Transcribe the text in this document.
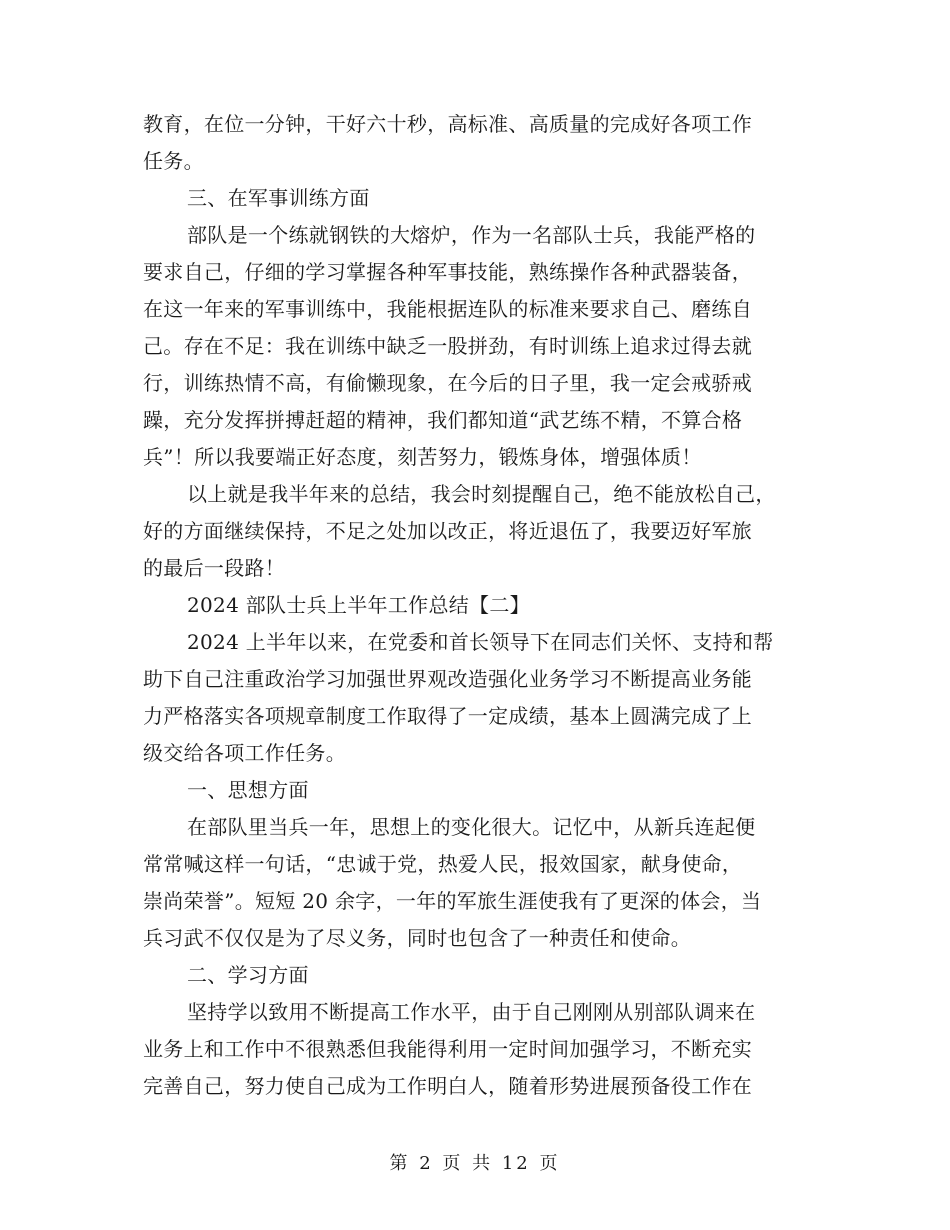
教育，在位一分钟，干好六十秒，高标准、高质量的完成好各项工作
任务。
三、在军事训练方面
部队是一个练就钢铁的大熔炉，作为一名部队士兵，我能严格的
要求自己，仔细的学习掌握各种军事技能，熟练操作各种武器装备，
在这一年来的军事训练中，我能根据连队的标准来要求自己、磨练自
己。存在不足：我在训练中缺乏一股拼劲，有时训练上追求过得去就
行，训练热情不高，有偷懒现象，在今后的日子里，我一定会戒骄戒
躁，充分发挥拼搏赶超的精神，我们都知道“武艺练不精，不算合格
兵”！所以我要端正好态度，刻苦努力，锻炼身体，增强体质！
以上就是我半年来的总结，我会时刻提醒自己，绝不能放松自己，
好的方面继续保持，不足之处加以改正，将近退伍了，我要迈好军旅
的最后一段路！
2024 部队士兵上半年工作总结【二】
2024 上半年以来，在党委和首长领导下在同志们关怀、支持和帮
助下自己注重政治学习加强世界观改造强化业务学习不断提高业务能
力严格落实各项规章制度工作取得了一定成绩，基本上圆满完成了上
级交给各项工作任务。
一、思想方面
在部队里当兵一年，思想上的变化很大。记忆中，从新兵连起便
常常喊这样一句话，“忠诚于党，热爱人民，报效国家，献身使命，
崇尚荣誉”。短短 20 余字，一年的军旅生涯使我有了更深的体会，当
兵习武不仅仅是为了尽义务，同时也包含了一种责任和使命。
二、学习方面
坚持学以致用不断提高工作水平，由于自己刚刚从别部队调来在
业务上和工作中不很熟悉但我能得利用一定时间加强学习，不断充实
完善自己，努力使自己成为工作明白人，随着形势进展预备役工作在
第 2 页 共 12 页
